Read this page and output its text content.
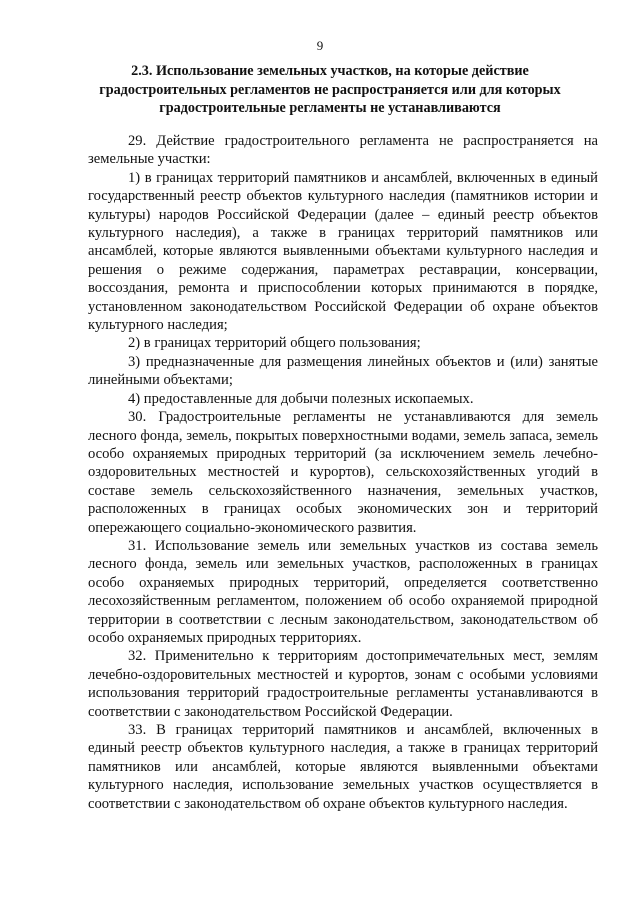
9
2.3. Использование земельных участков, на которые действие градостроительных регламентов не распространяется или для которых градостроительные регламенты не устанавливаются

29. Действие градостроительного регламента не распространяется на земельные участки:

1) в границах территорий памятников и ансамблей, включенных в единый государственный реестр объектов культурного наследия (памятников истории и культуры) народов Российской Федерации (далее – единый реестр объектов культурного наследия), а также в границах территорий памятников или ансамблей, которые являются выявленными объектами культурного наследия и решения о режиме содержания, параметрах реставрации, консервации, воссоздания, ремонта и приспособлении которых принимаются в порядке, установленном законодательством Российской Федерации об охране объектов культурного наследия;

2) в границах территорий общего пользования;

3) предназначенные для размещения линейных объектов и (или) занятые линейными объектами;

4) предоставленные для добычи полезных ископаемых.

30. Градостроительные регламенты не устанавливаются для земель лесного фонда, земель, покрытых поверхностными водами, земель запаса, земель особо охраняемых природных территорий (за исключением земель лечебно-оздоровительных местностей и курортов), сельскохозяйственных угодий в составе земель сельскохозяйственного назначения, земельных участков, расположенных в границах особых экономических зон и территорий опережающего социально-экономического развития.

31. Использование земель или земельных участков из состава земель лесного фонда, земель или земельных участков, расположенных в границах особо охраняемых природных территорий, определяется соответственно лесохозяйственным регламентом, положением об особо охраняемой природной территории в соответствии с лесным законодательством, законодательством об особо охраняемых природных территориях.

32. Применительно к территориям достопримечательных мест, землям лечебно-оздоровительных местностей и курортов, зонам с особыми условиями использования территорий градостроительные регламенты устанавливаются в соответствии с законодательством Российской Федерации.

33. В границах территорий памятников и ансамблей, включенных в единый реестр объектов культурного наследия, а также в границах территорий памятников или ансамблей, которые являются выявленными объектами культурного наследия, использование земельных участков осуществляется в соответствии с законодательством об охране объектов культурного наследия.
